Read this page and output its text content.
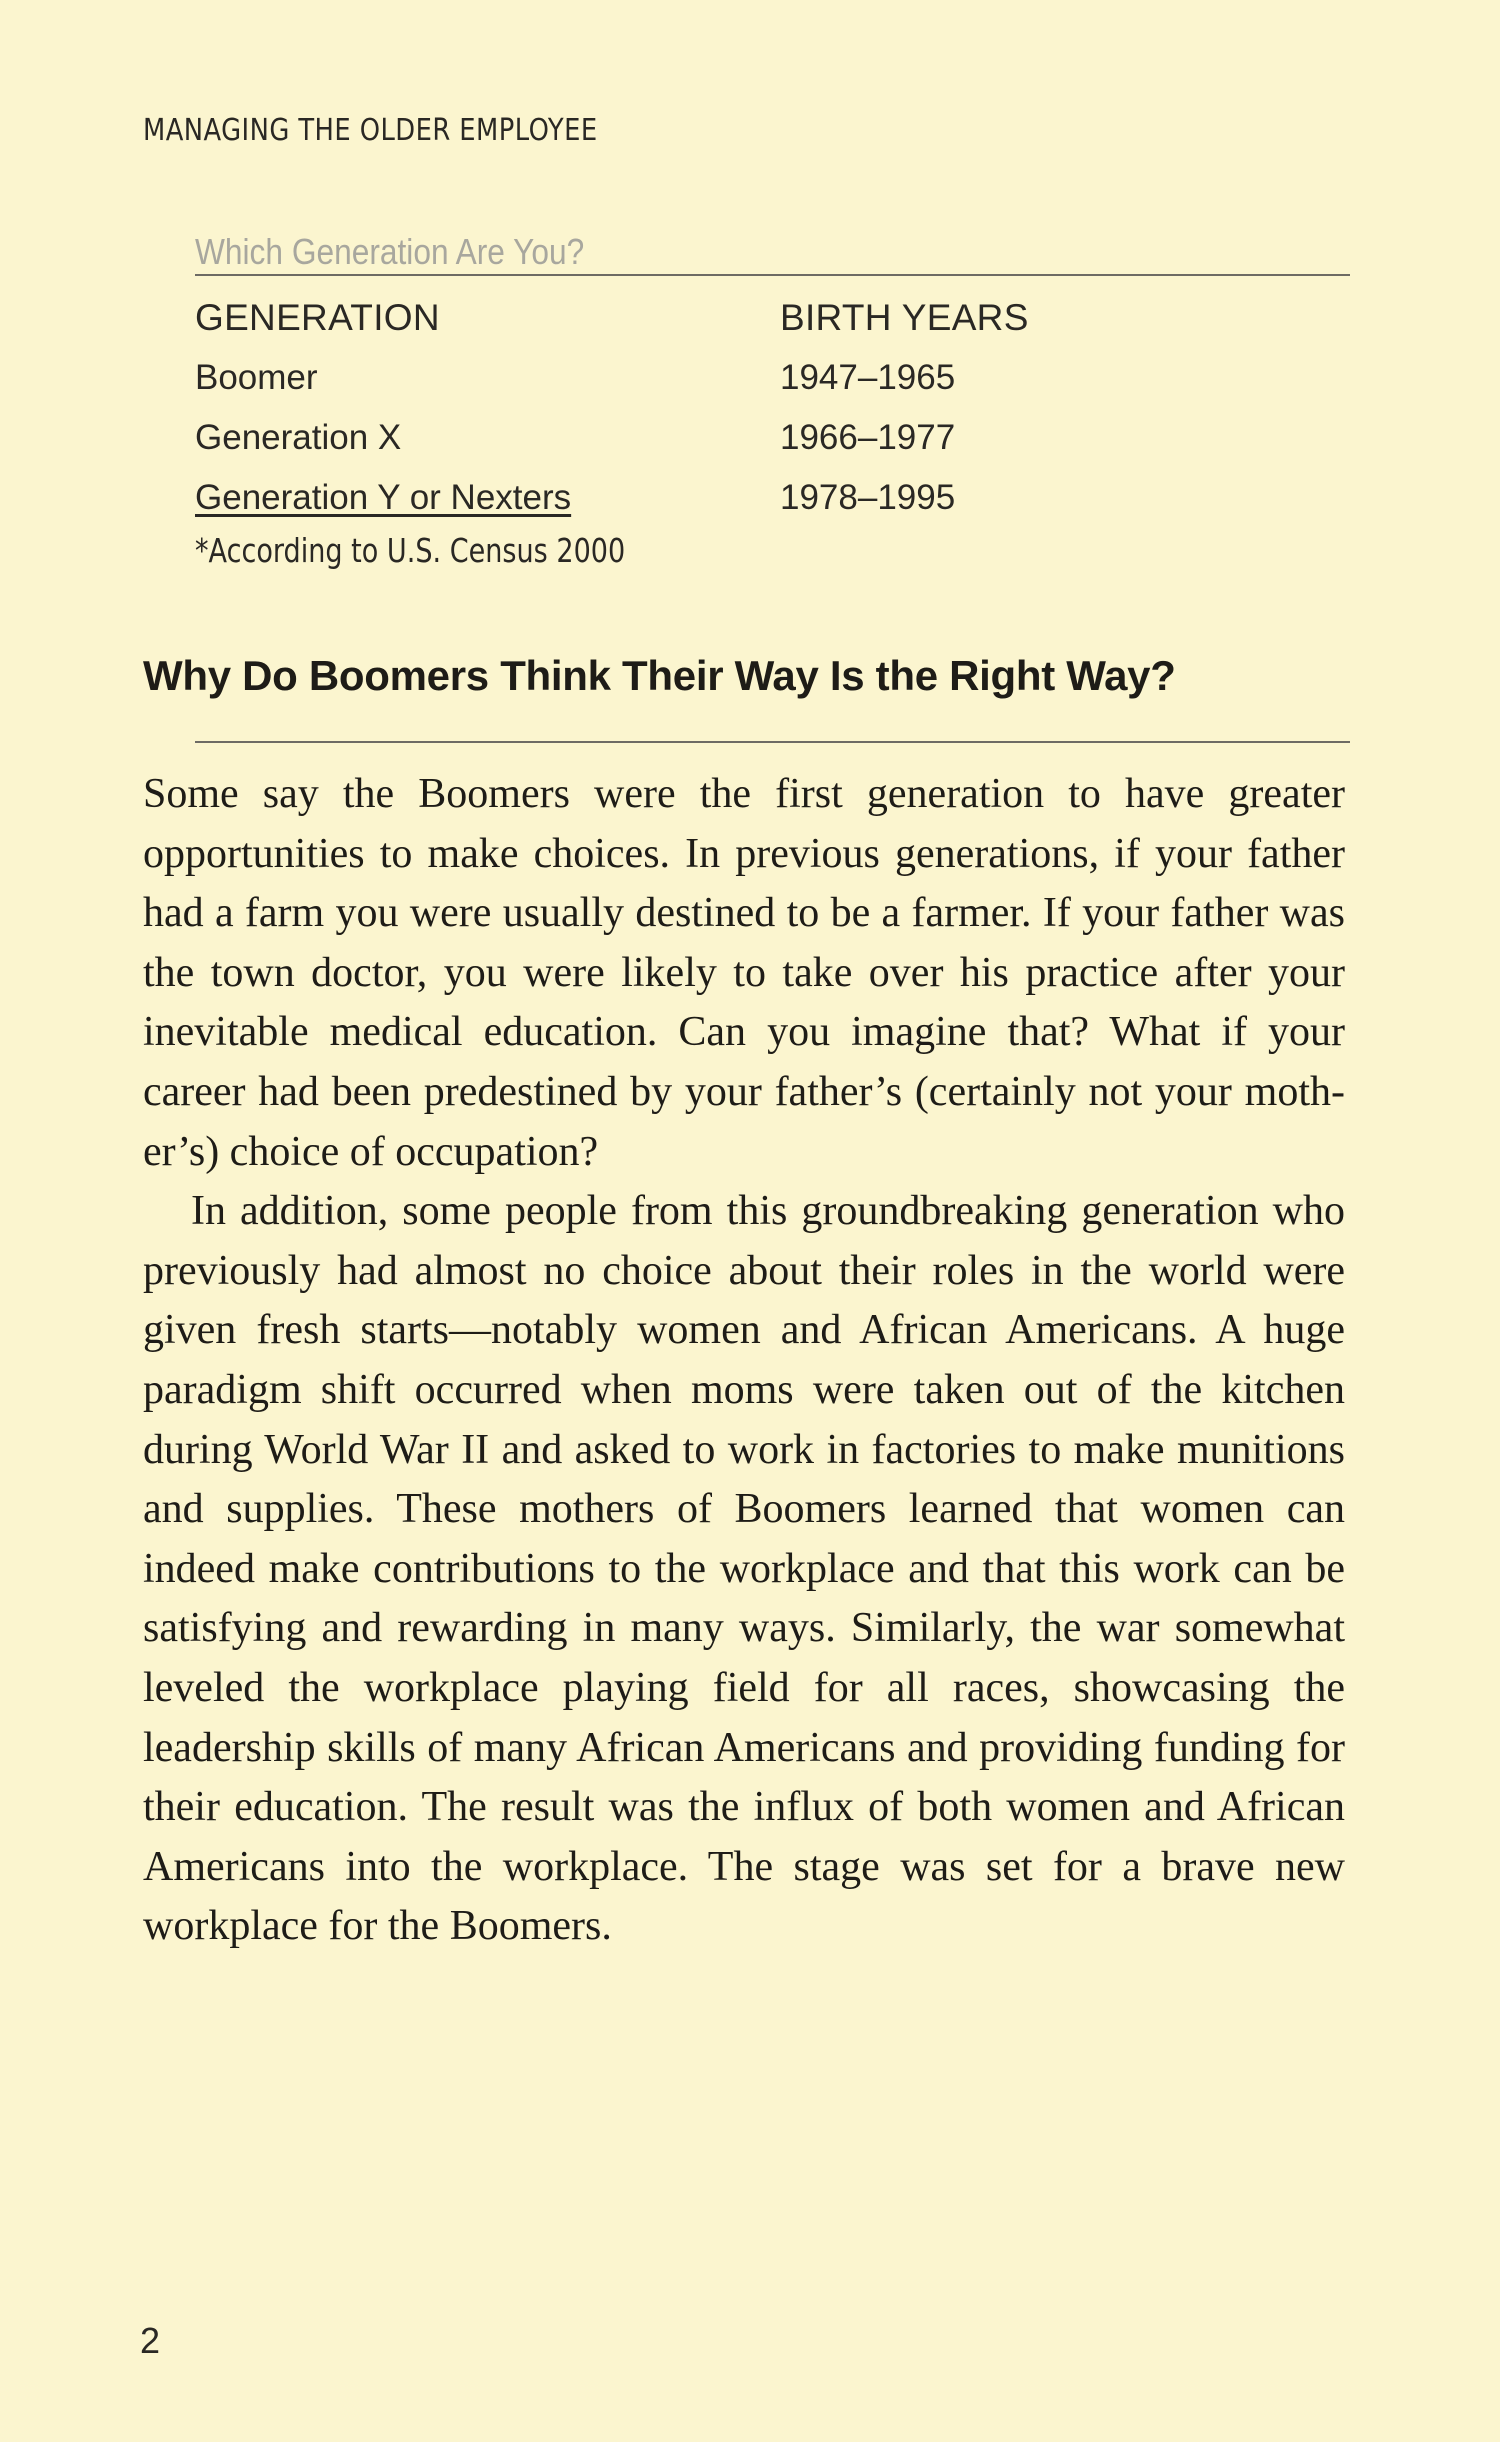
MANAGING THE OLDER EMPLOYEE
Which Generation Are You?
GENERATION	BIRTH YEARS
Boomer	1947–1965
Generation X	1966–1977
Generation Y or Nexters	1978–1995
*According to U.S. Census 2000
Why Do Boomers Think Their Way Is the Right Way?

Some say the Boomers were the first generation to have greater opportunities to make choices. In previous generations, if your father had a farm you were usually destined to be a farmer. If your father was the town doctor, you were likely to take over his practice after your inevitable medical education. Can you imagine that? What if your career had been predestined by your father’s (certainly not your mother’s) choice of occupation?

In addition, some people from this groundbreaking generation who previously had almost no choice about their roles in the world were given fresh starts—notably women and African Americans. A huge paradigm shift occurred when moms were taken out of the kitchen during World War II and asked to work in factories to make munitions and supplies. These mothers of Boomers learned that women can indeed make contributions to the workplace and that this work can be satisfying and rewarding in many ways. Similarly, the war somewhat leveled the workplace playing field for all races, showcasing the leadership skills of many African Americans and providing funding for their education. The result was the influx of both women and African Americans into the workplace. The stage was set for a brave new workplace for the Boomers.

2
